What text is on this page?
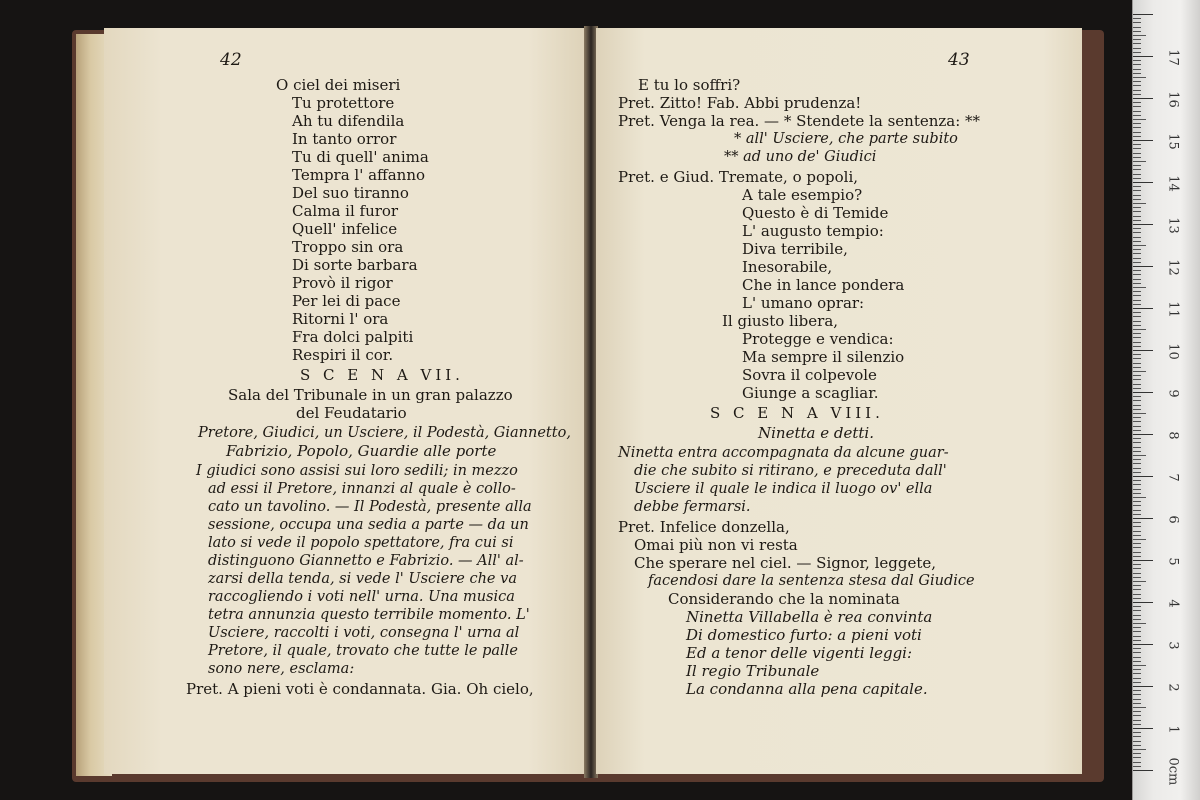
42
O ciel dei miseri
Tu protettore
Ah tu difendila
In tanto orror
Tu di quell' anima
Tempra l' affanno
Del suo tiranno
Calma il furor
Quell' infelice
Troppo sin ora
Di sorte barbara
Provò il rigor
Per lei di pace
Ritorni l' ora
Fra dolci palpiti
Respiri il cor.
S C E N A VII.
Sala del Tribunale in un gran palazzo
del Feudatario
Pretore, Giudici, un Usciere, il Podestà, Giannetto,
Fabrizio, Popolo, Guardie alle porte
I giudici sono assisi sui loro sedili; in mezzo
ad essi il Pretore, innanzi al quale è collo-
cato un tavolino. — Il Podestà, presente alla
sessione, occupa una sedia a parte — da un
lato si vede il popolo spettatore, fra cui si
distinguono Giannetto e Fabrizio. — All' al-
zarsi della tenda, si vede l' Usciere che va
raccogliendo i voti nell' urna. Una musica
tetra annunzia questo terribile momento. L'
Usciere, raccolti i voti, consegna l' urna al
Pretore, il quale, trovato che tutte le palle
sono nere, esclama:
Pret. A pieni voti è condannata. Gia. Oh cielo,
43
E tu lo soffri?
Pret. Zitto! Fab. Abbi prudenza!
Pret. Venga la rea. — * Stendete la sentenza: **
* all' Usciere, che parte subito
** ad uno de' Giudici
Pret. e Giud. Tremate, o popoli,
A tale esempio?
Questo è di Temide
L' augusto tempio:
Diva terribile,
Inesorabile,
Che in lance pondera
L' umano oprar:
Il giusto libera,
Protegge e vendica:
Ma sempre il silenzio
Sovra il colpevole
Giunge a scagliar.
S C E N A VIII.
Ninetta e detti.
Ninetta entra accompagnata da alcune guar-
die che subito si ritirano, e preceduta dall'
Usciere il quale le indica il luogo ov' ella
debbe fermarsi.
Pret. Infelice donzella,
Omai più non vi resta
Che sperare nel ciel. — Signor, leggete,
facendosi dare la sentenza stesa dal Giudice
Considerando che la nominata
Ninetta Villabella è rea convinta
Di domestico furto: a pieni voti
Ed a tenor delle vigenti leggi:
Il regio Tribunale
La condanna alla pena capitale.
0cm
1
2
3
4
5
6
7
8
9
10
11
12
13
14
15
16
17
